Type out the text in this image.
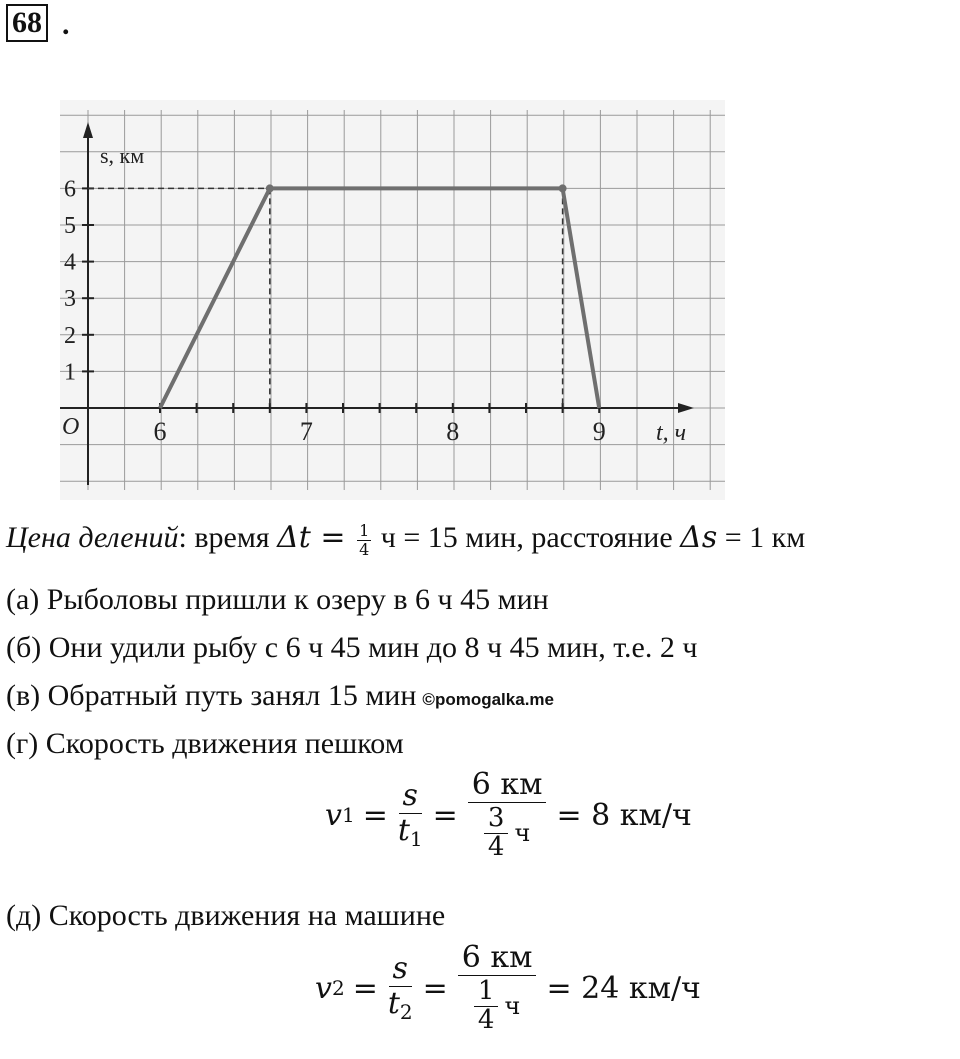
68 .
1
2
3
4
5
6
6	7	8	9
O
s, км
t, ч
Цена делений: время $\Delta t = \frac{1}{4}$ ч = 15 мин, расстояние Δs = 1 км
(а) Рыболовы пришли к озеру в 6 ч 45 мин
(б) Они удили рыбу с 6 ч 45 мин до 8 ч 45 мин, т.е. 2 ч
(в) Обратный путь занял 15 мин ©pomogalka.me
(г) Скорость движения пешком
v $1 = \frac{s}{t_1} = \frac{6 км}{\frac{3}{4} ч} = 8$ км/ч
(д) Скорость движения на машине
v $2 = \frac{s}{t_2} = \frac{6 км}{\frac{1}{4} ч} = 24$ км/ч
